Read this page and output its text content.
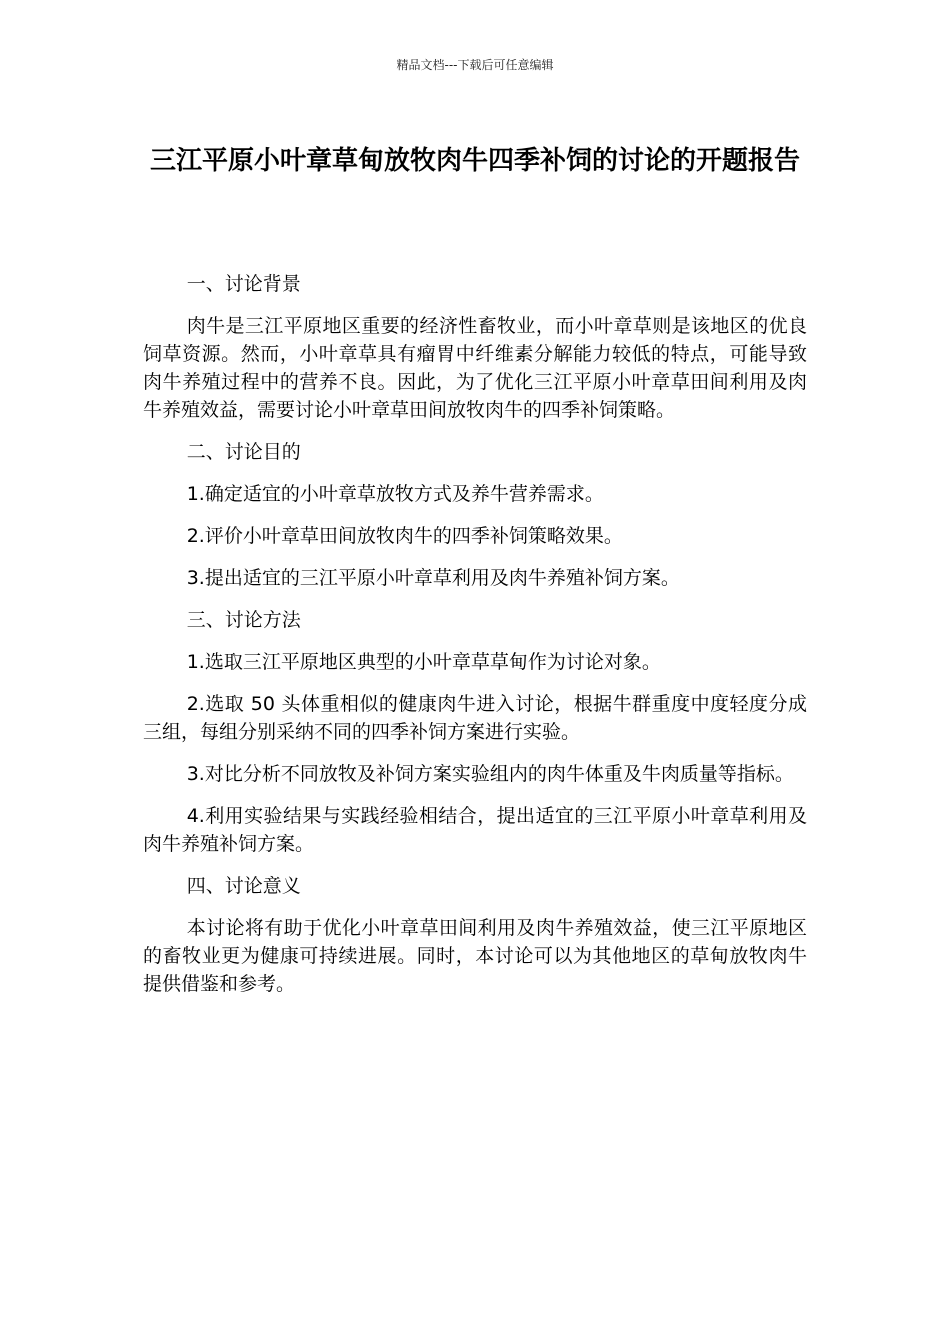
精品文档---下载后可任意编辑
三江平原小叶章草甸放牧肉牛四季补饲的讨论的开题报告

一、讨论背景

肉牛是三江平原地区重要的经济性畜牧业，而小叶章草则是该地区的优良饲草资源。然而，小叶章草具有瘤胃中纤维素分解能力较低的特点，可能导致肉牛养殖过程中的营养不良。因此，为了优化三江平原小叶章草田间利用及肉牛养殖效益，需要讨论小叶章草田间放牧肉牛的四季补饲策略。

二、讨论目的

1.确定适宜的小叶章草放牧方式及养牛营养需求。

2.评价小叶章草田间放牧肉牛的四季补饲策略效果。

3.提出适宜的三江平原小叶章草利用及肉牛养殖补饲方案。

三、讨论方法

1.选取三江平原地区典型的小叶章草草甸作为讨论对象。

2.选取 50 头体重相似的健康肉牛进入讨论，根据牛群重度中度轻度分成三组，每组分别采纳不同的四季补饲方案进行实验。

3.对比分析不同放牧及补饲方案实验组内的肉牛体重及牛肉质量等指标。

4.利用实验结果与实践经验相结合，提出适宜的三江平原小叶章草利用及肉牛养殖补饲方案。

四、讨论意义

本讨论将有助于优化小叶章草田间利用及肉牛养殖效益，使三江平原地区的畜牧业更为健康可持续进展。同时，本讨论可以为其他地区的草甸放牧肉牛提供借鉴和参考。
